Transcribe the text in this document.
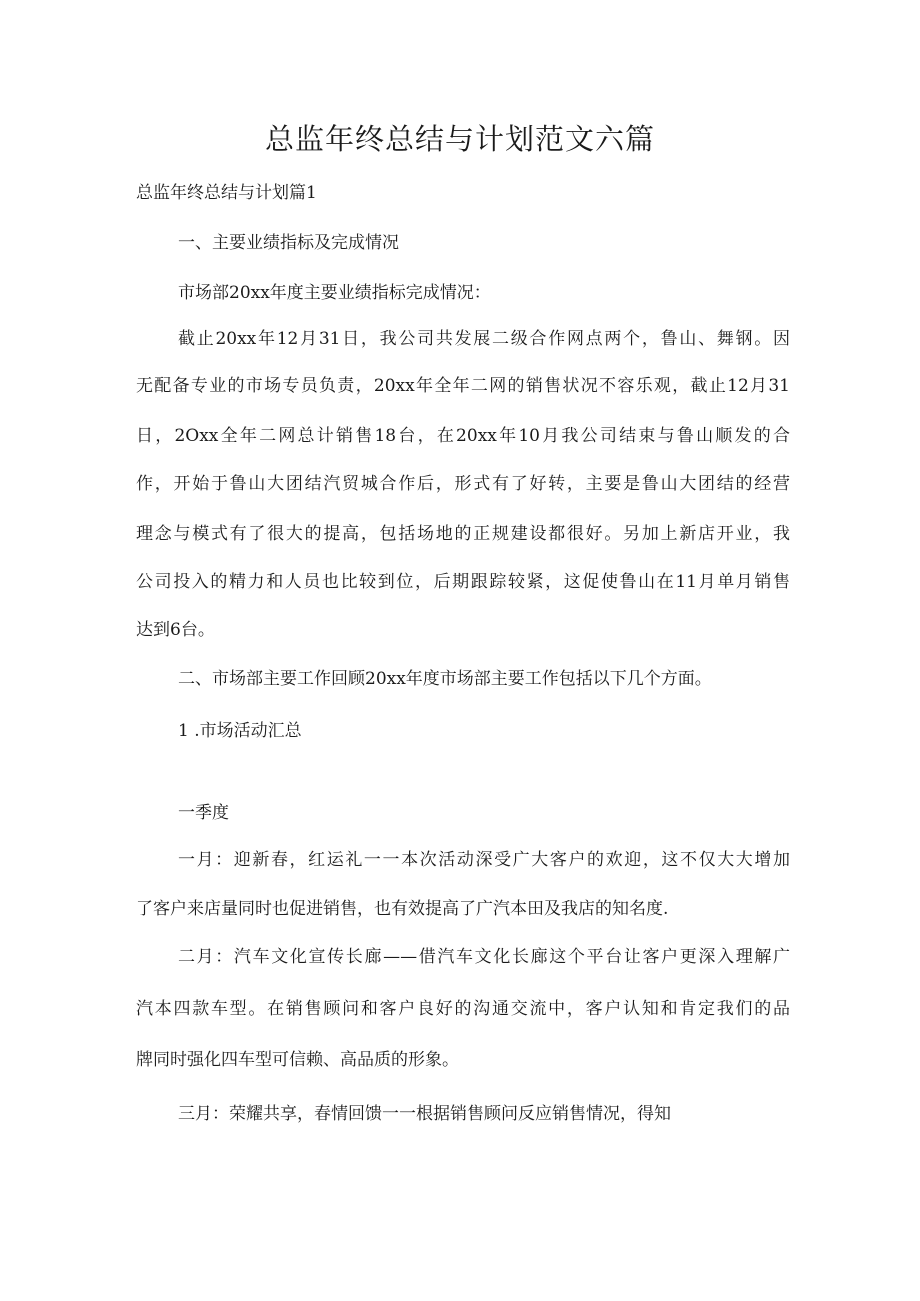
总监年终总结与计划范文六篇

总监年终总结与计划篇1

一、主要业绩指标及完成情况

市场部20xx年度主要业绩指标完成情况：

截止20xx年12月31日，我公司共发展二级合作网点两个，鲁山、舞钢。因

无配备专业的市场专员负责，20xx年全年二网的销售状况不容乐观，截止12月31

日，2Oxx全年二网总计销售18台，在20xx年10月我公司结束与鲁山顺发的合

作，开始于鲁山大团结汽贸城合作后，形式有了好转，主要是鲁山大团结的经营

理念与模式有了很大的提高，包括场地的正规建设都很好。另加上新店开业，我

公司投入的精力和人员也比较到位，后期跟踪较紧，这促使鲁山在11月单月销售

达到6台。

二、市场部主要工作回顾20xx年度市场部主要工作包括以下几个方面。

1 .市场活动汇总

一季度

一月：迎新春，红运礼一一本次活动深受广大客户的欢迎，这不仅大大增加

了客户来店量同时也促进销售，也有效提高了广汽本田及我店的知名度.

二月：汽车文化宣传长廊——借汽车文化长廊这个平台让客户更深入理解广

汽本四款车型。在销售顾问和客户良好的沟通交流中，客户认知和肯定我们的品

牌同时强化四车型可信赖、高品质的形象。

三月：荣耀共享，春情回馈一一根据销售顾问反应销售情况，得知
